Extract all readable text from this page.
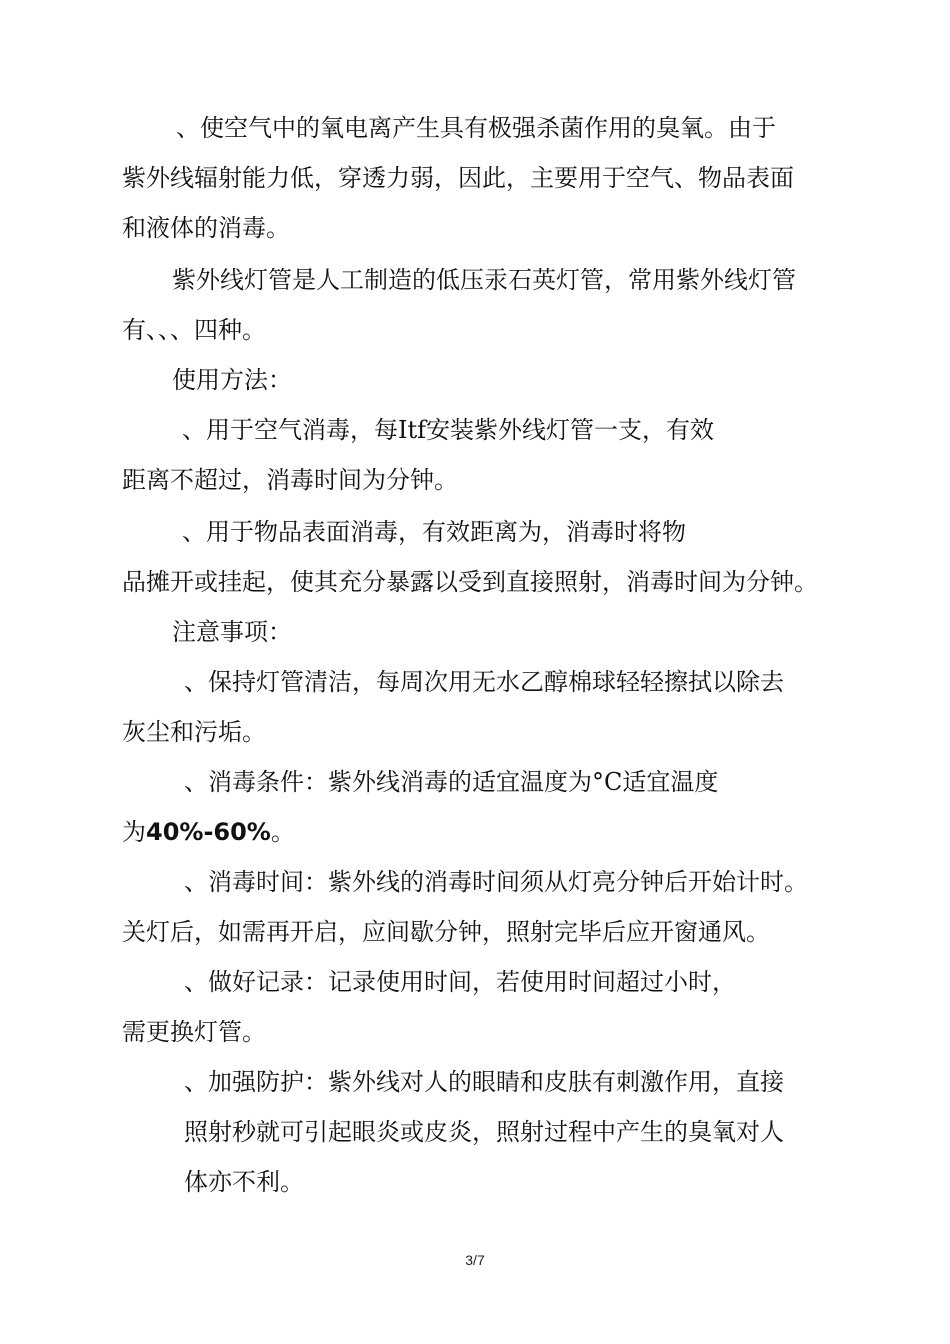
、使空气中的氧电离产生具有极强杀菌作用的臭氧。由于

紫外线辐射能力低，穿透力弱，因此，主要用于空气、物品表面

和液体的消毒。

紫外线灯管是人工制造的低压汞石英灯管，常用紫外线灯管

有、、、四种。

使用方法：

、用于空气消毒，每Itf安装紫外线灯管一支，有效

距离不超过，消毒时间为分钟。

、用于物品表面消毒，有效距离为，消毒时将物

品摊开或挂起，使其充分暴露以受到直接照射，消毒时间为分钟。

注意事项：

、保持灯管清洁，每周次用无水乙醇棉球轻轻擦拭以除去

灰尘和污垢。

、消毒条件：紫外线消毒的适宜温度为°C适宜温度

为40%-60%。

、消毒时间：紫外线的消毒时间须从灯亮分钟后开始计时。

关灯后，如需再开启，应间歇分钟，照射完毕后应开窗通风。

、做好记录：记录使用时间，若使用时间超过小时，

需更换灯管。

、加强防护：紫外线对人的眼睛和皮肤有刺激作用，直接

照射秒就可引起眼炎或皮炎，照射过程中产生的臭氧对人

体亦不利。

3/7
